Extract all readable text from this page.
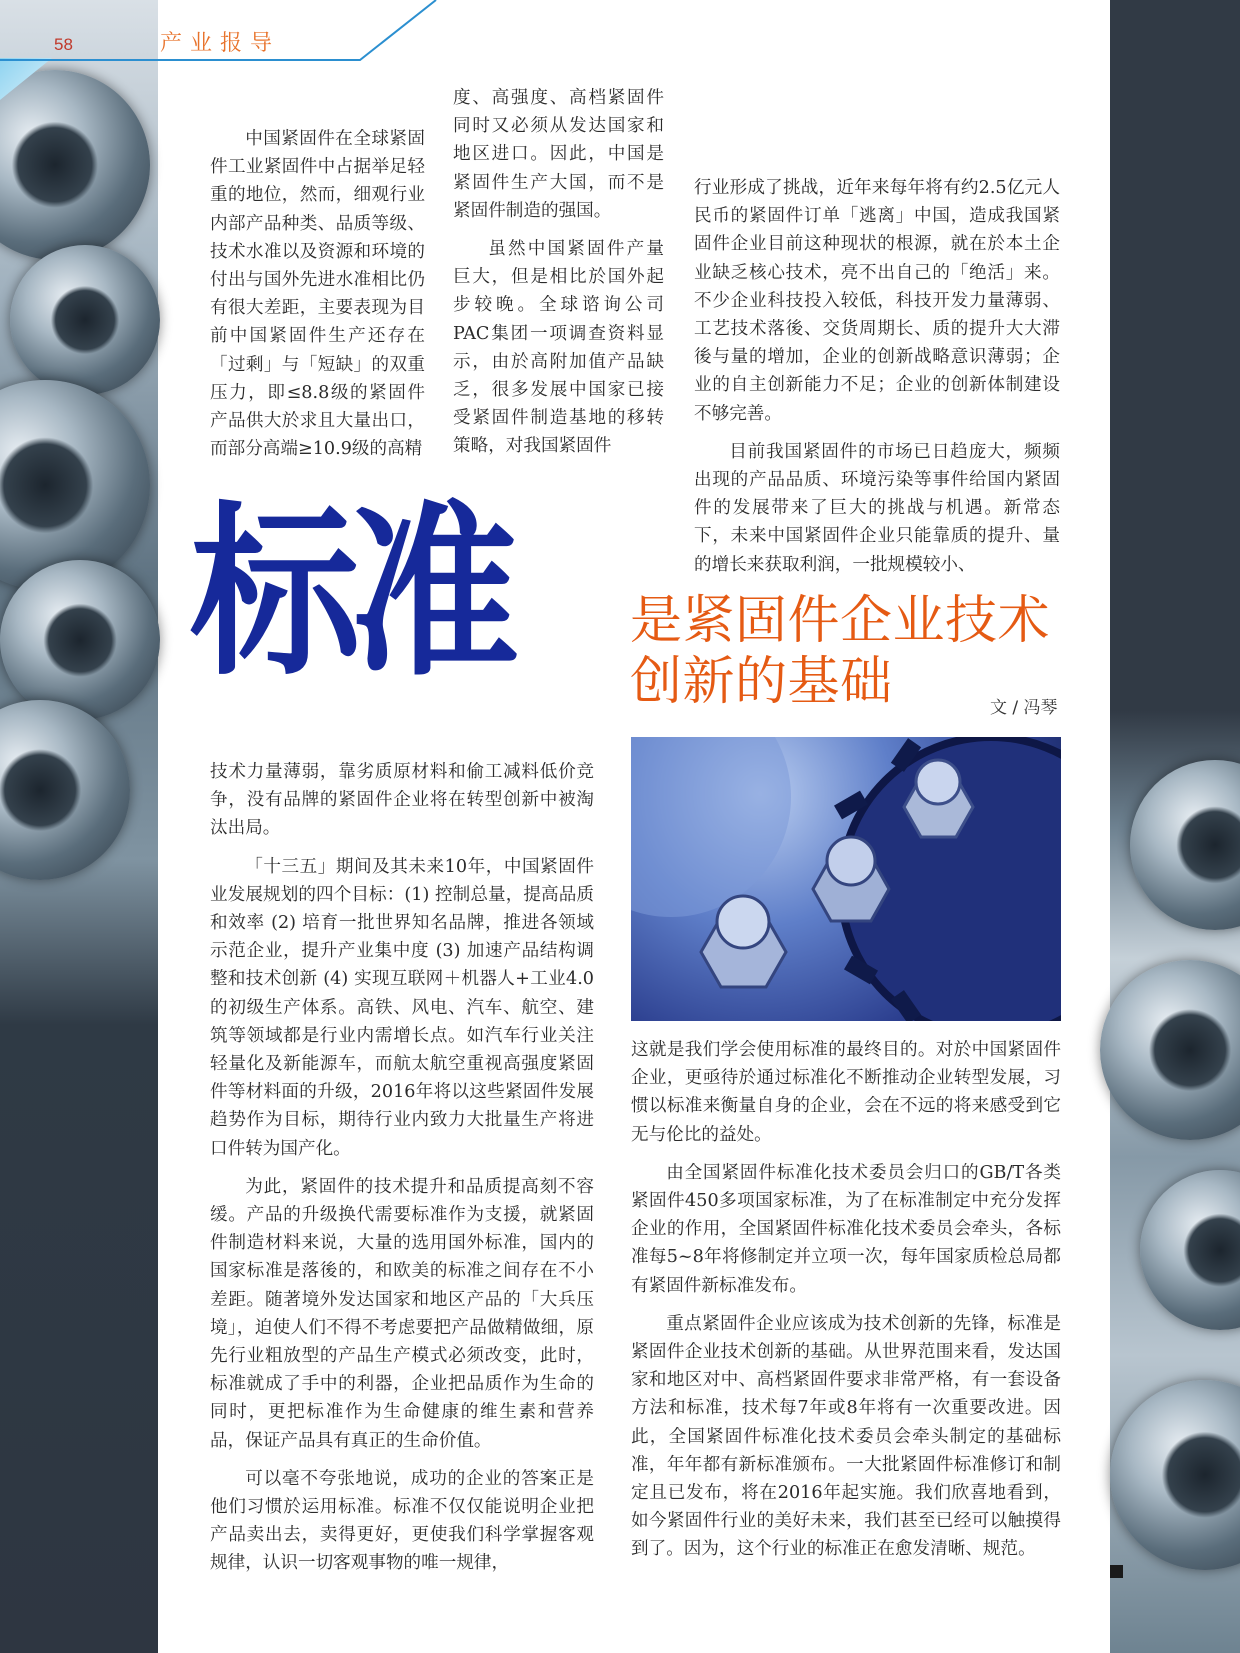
58	产业报导

中国紧固件在全球紧固件工业紧固件中占据举足轻重的地位，然而，细观行业内部产品种类、品质等级、技术水准以及资源和环境的付出与国外先进水准相比仍有很大差距，主要表现为目前中国紧固件生产还存在「过剩」与「短缺」的双重压力，即≤8.8级的紧固件产品供大於求且大量出口，而部分高端≥10.9级的高精

度、高强度、高档紧固件同时又必须从发达国家和地区进口。因此，中国是紧固件生产大国，而不是紧固件制造的强国。

虽然中国紧固件产量巨大，但是相比於国外起步较晚。全球谘询公司PAC集团一项调查资料显示，由於高附加值产品缺乏，很多发展中国家已接受紧固件制造基地的移转策略，对我国紧固件

行业形成了挑战，近年来每年将有约2.5亿元人民币的紧固件订单「逃离」中国，造成我国紧固件企业目前这种现状的根源，就在於本土企业缺乏核心技术，亮不出自己的「绝活」来。不少企业科技投入较低，科技开发力量薄弱、工艺技术落後、交货周期长、质的提升大大滞後与量的增加，企业的创新战略意识薄弱；企业的自主创新能力不足；企业的创新体制建设不够完善。

目前我国紧固件的市场已日趋庞大，频频出现的产品品质、环境污染等事件给国内紧固件的发展带来了巨大的挑战与机遇。新常态下，未来中国紧固件企业只能靠质的提升、量的增长来获取利润，一批规模较小、

标准	是紧固件企业技术
创新的基础	文 / 冯琴

技术力量薄弱，靠劣质原材料和偷工减料低价竞争，没有品牌的紧固件企业将在转型创新中被淘汰出局。

「十三五」期间及其未来10年，中国紧固件业发展规划的四个目标：(1) 控制总量，提高品质和效率 (2) 培育一批世界知名品牌，推进各领域示范企业，提升产业集中度 (3) 加速产品结构调整和技术创新 (4) 实现互联网＋机器人+工业4.0的初级生产体系。高铁、风电、汽车、航空、建筑等领域都是行业内需增长点。如汽车行业关注轻量化及新能源车，而航太航空重视高强度紧固件等材料面的升级，2016年将以这些紧固件发展趋势作为目标，期待行业内致力大批量生产将进口件转为国产化。

为此，紧固件的技术提升和品质提高刻不容缓。产品的升级换代需要标准作为支援，就紧固件制造材料来说，大量的选用国外标准，国内的国家标准是落後的，和欧美的标准之间存在不小差距。随著境外发达国家和地区产品的「大兵压境」，迫使人们不得不考虑要把产品做精做细，原先行业粗放型的产品生产模式必须改变，此时，标准就成了手中的利器，企业把品质作为生命的同时，更把标准作为生命健康的维生素和营养品，保证产品具有真正的生命价值。

可以毫不夸张地说，成功的企业的答案正是他们习惯於运用标准。标准不仅仅能说明企业把产品卖出去，卖得更好，更使我们科学掌握客观规律，认识一切客观事物的唯一规律，

这就是我们学会使用标准的最终目的。对於中国紧固件企业，更亟待於通过标准化不断推动企业转型发展，习惯以标准来衡量自身的企业，会在不远的将来感受到它无与伦比的益处。

由全国紧固件标准化技术委员会归口的GB/T各类紧固件450多项国家标准，为了在标准制定中充分发挥企业的作用，全国紧固件标准化技术委员会牵头，各标准每5~8年将修制定并立项一次，每年国家质检总局都有紧固件新标准发布。

重点紧固件企业应该成为技术创新的先锋，标准是紧固件企业技术创新的基础。从世界范围来看，发达国家和地区对中、高档紧固件要求非常严格，有一套设备方法和标准，技术每7年或8年将有一次重要改进。因此，全国紧固件标准化技术委员会牵头制定的基础标准，年年都有新标准颁布。一大批紧固件标准修订和制定且已发布，将在2016年起实施。我们欣喜地看到，如今紧固件行业的美好未来，我们甚至已经可以触摸得到了。因为，这个行业的标准正在愈发清晰、规范。
